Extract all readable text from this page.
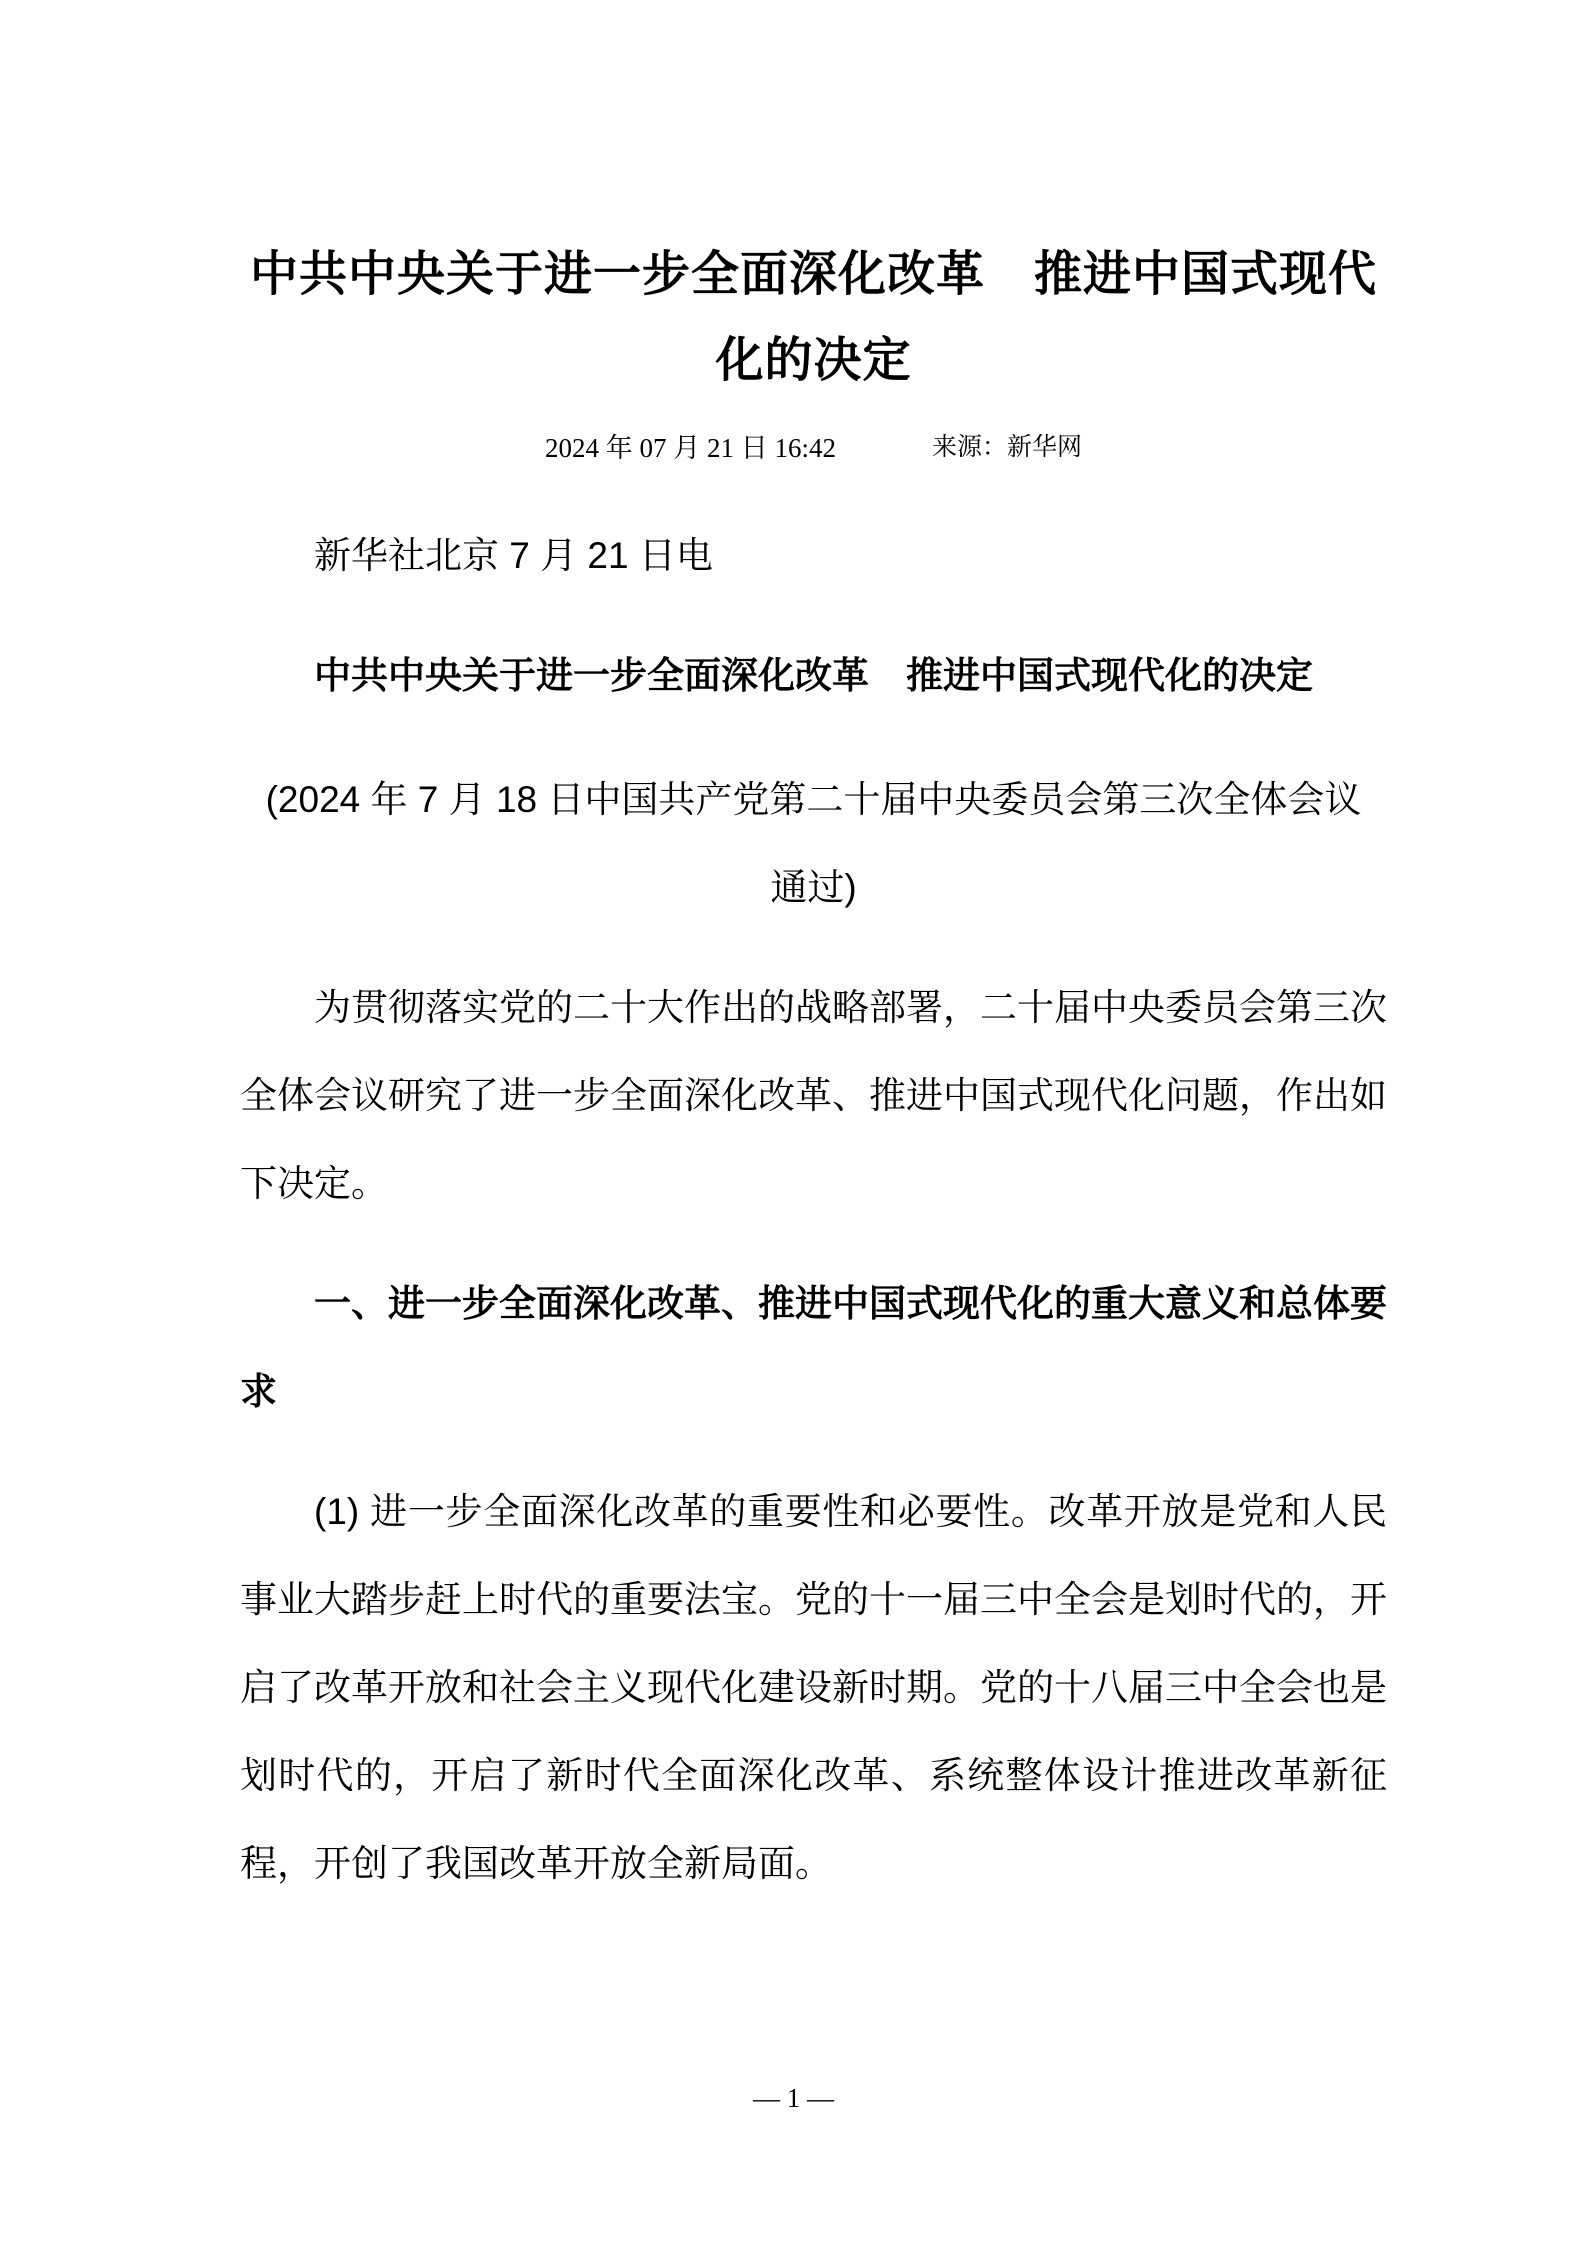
中共中央关于进一步全面深化改革　推进中国式现代化的决定
2024 年 07 月 21 日 16:42	来源：新华网
新华社北京 7 月 21 日电
中共中央关于进一步全面深化改革　推进中国式现代化的决定
(2024 年 7 月 18 日中国共产党第二十届中央委员会第三次全体会议通过)
为贯彻落实党的二十大作出的战略部署，二十届中央委员会第三次全体会议研究了进一步全面深化改革、推进中国式现代化问题，作出如下决定。
一、进一步全面深化改革、推进中国式现代化的重大意义和总体要求
(1) 进一步全面深化改革的重要性和必要性。改革开放是党和人民事业大踏步赶上时代的重要法宝。党的十一届三中全会是划时代的，开启了改革开放和社会主义现代化建设新时期。党的十八届三中全会也是划时代的，开启了新时代全面深化改革、系统整体设计推进改革新征程，开创了我国改革开放全新局面。
— 1 —
